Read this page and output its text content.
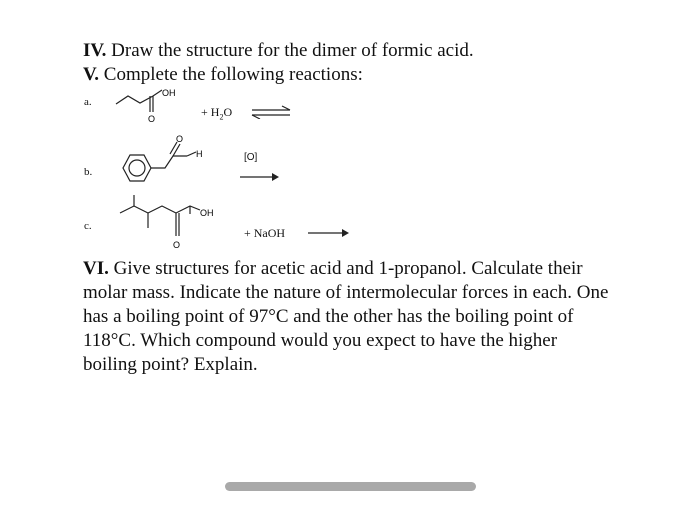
IV. Draw the structure for the dimer of formic acid.
V. Complete the following reactions:
a.
OH
O	+ $H_2O$ ⇌
b.
O
H	[O]
c.
OH
O
+ NaOH
VI. Give structures for acetic acid and 1-propanol. Calculate their molar mass. Indicate the nature of intermolecular forces in each. One has a boiling point of 97°C and the other has the boiling point of 118°C. Which compound would you expect to have the higher boiling point? Explain.
